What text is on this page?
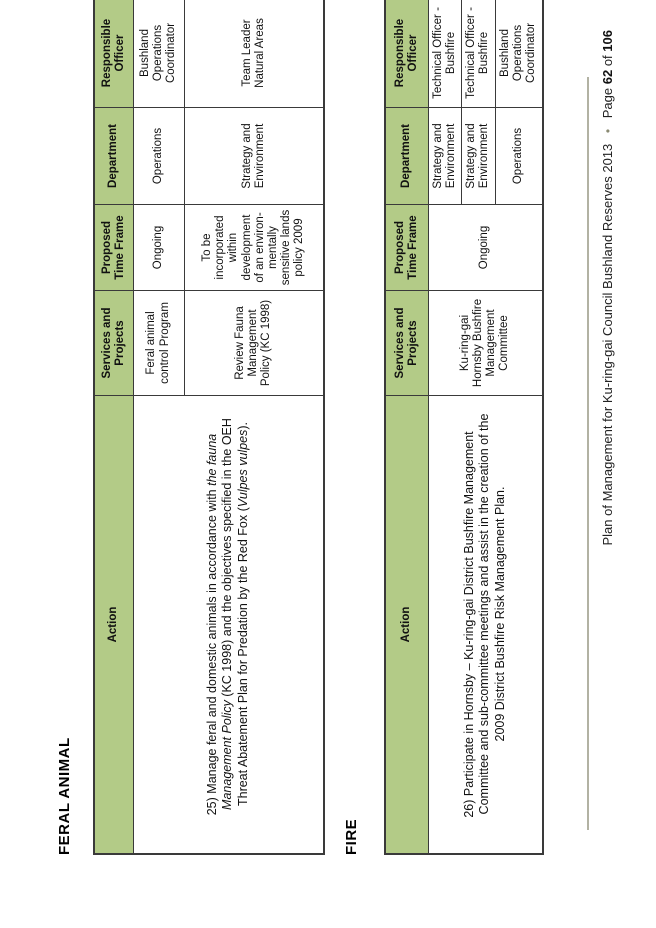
FERAL ANIMAL
Action	Services and Projects	Proposed Time Frame	Department	Responsible Officer

25) Manage feral and domestic animals in accordance with the fauna Management Policy (KC 1998) and the objectives specified in the OEH Threat Abatement Plan for Predation by the Red Fox (Vulpes vulpes).	Feral animal control Program	Ongoing	Operations	Bushland Operations Coordinator
	Review Fauna Management Policy (KC 1998)	To be incorporated within development of an environ-mentally sensitive lands policy 2009	Strategy and Environment	Team Leader Natural Areas
FIRE
Action	Services and Projects	Proposed Time Frame	Department	Responsible Officer

26) Participate in Hornsby – Ku-ring-gai District Bushfire Management Committee and sub-committee meetings and assist in the creation of the 2009 District Bushfire Risk Management Plan.	Ku-ring-gai Hornsby Bushfire Management Committee	Ongoing	Strategy and Environment	Technical Officer - Bushfire
			Strategy and Environment	Technical Officer - Bushfire
			Operations	Bushland Operations Coordinator
Plan of Management for Ku-ring-gai Council Bushland Reserves 2013 • Page 62 of 106
